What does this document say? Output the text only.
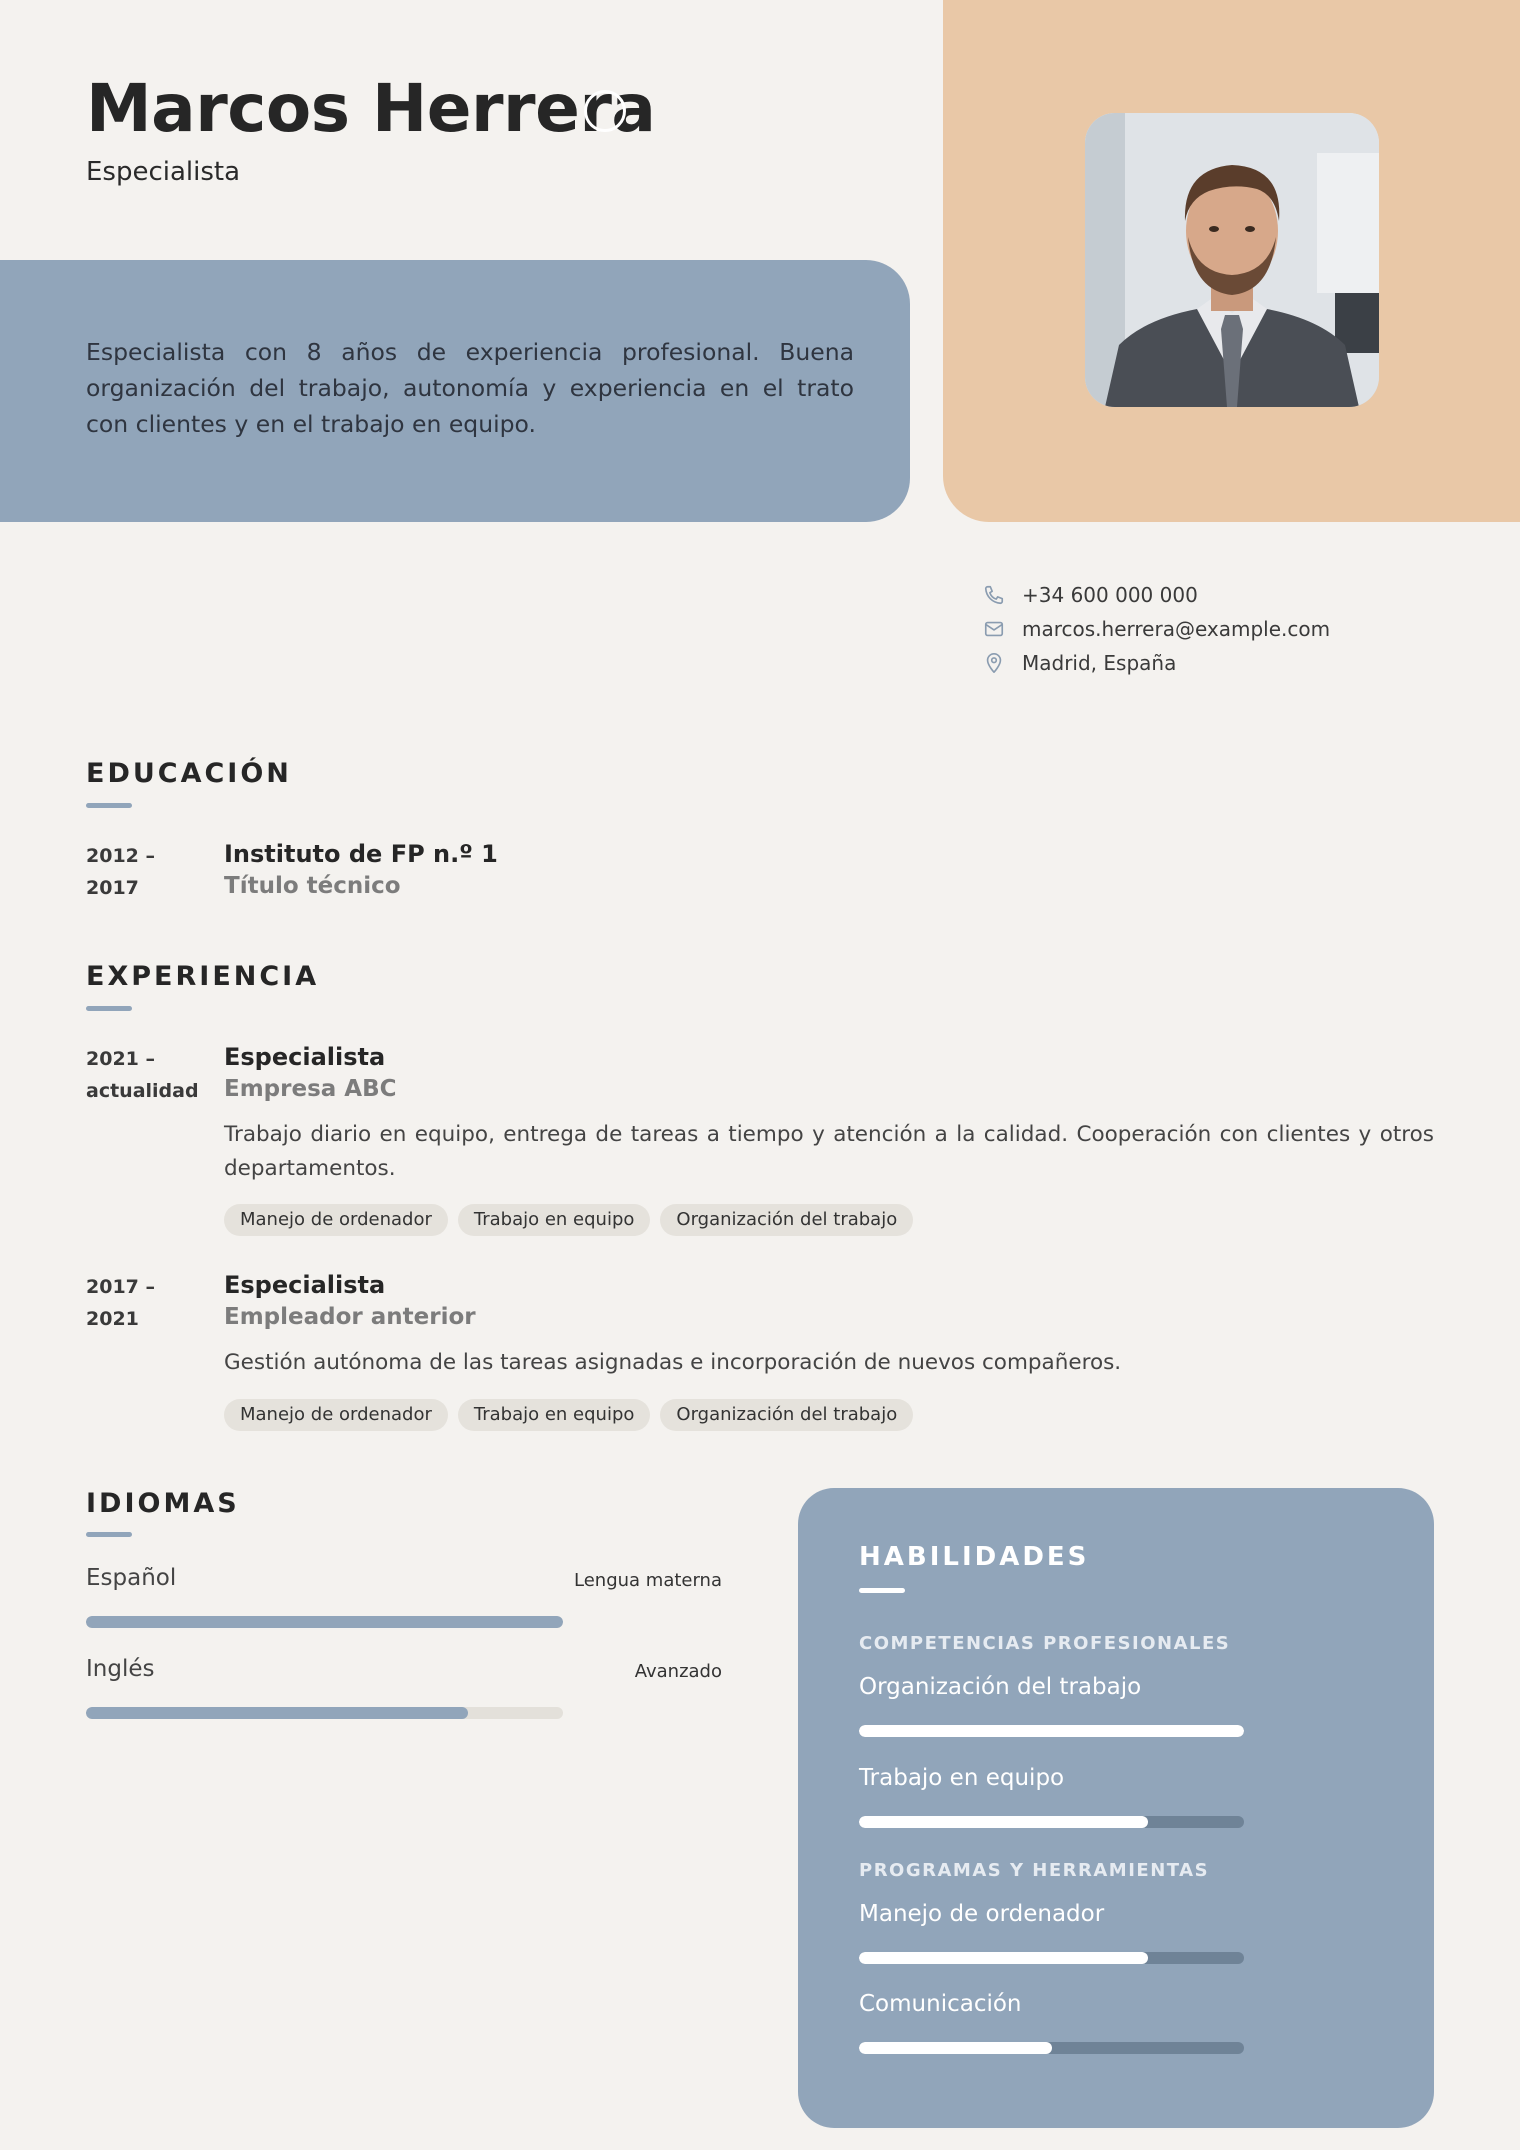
Marcos Herrera
Especialista

Especialista con 8 años de experiencia profesional. Buena organización del trabajo, autonomía y experiencia en el trato con clientes y en el trabajo en equipo.

+34 600 000 000
marcos.herrera@example.com
Madrid, España
EDUCACIÓN
2012 –
2017
Instituto de FP n.º 1
Título técnico
EXPERIENCIA
2021 –
actualidad
Especialista
Empresa ABC

Trabajo diario en equipo, entrega de tareas a tiempo y atención a la calidad. Cooperación con clientes y otros departamentos.

Manejo de ordenador	Trabajo en equipo	Organización del trabajo
2017 –
2021
Especialista
Empleador anterior

Gestión autónoma de las tareas asignadas e incorporación de nuevos compañeros.

Manejo de ordenador	Trabajo en equipo	Organización del trabajo
IDIOMAS
Español	Lengua materna
Inglés	Avanzado
HABILIDADES
COMPETENCIAS PROFESIONALES
Organización del trabajo
Trabajo en equipo
PROGRAMAS Y HERRAMIENTAS
Manejo de ordenador
Comunicación
